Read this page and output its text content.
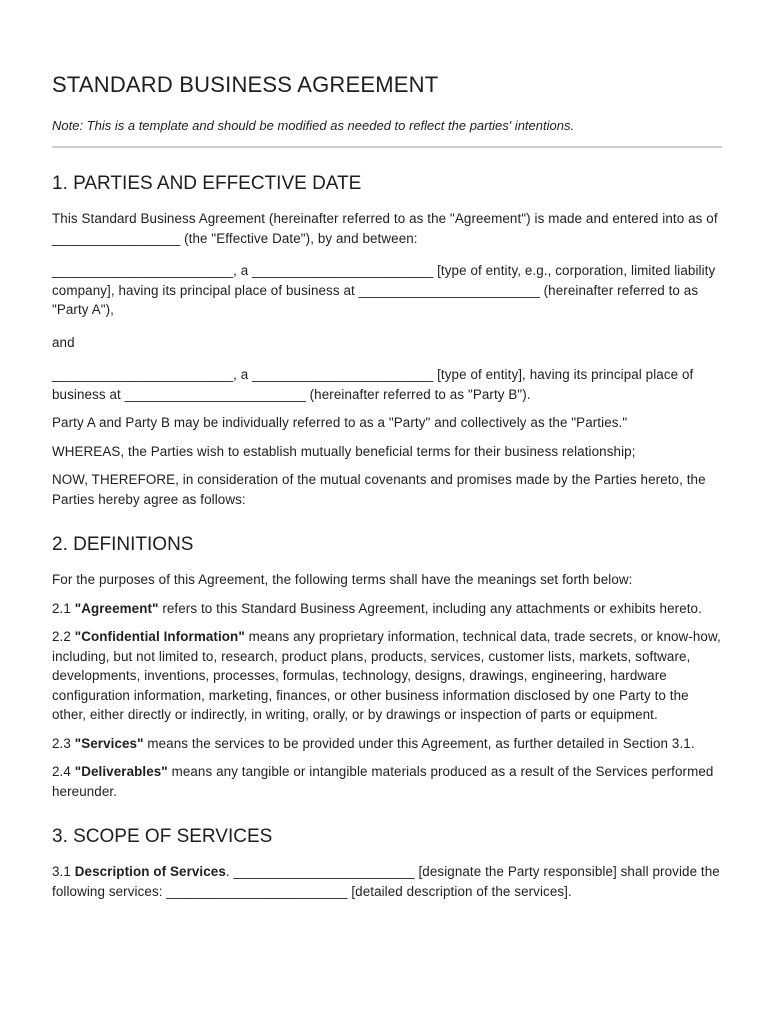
STANDARD BUSINESS AGREEMENT

Note: This is a template and should be modified as needed to reflect the parties' intentions.

1. PARTIES AND EFFECTIVE DATE

This Standard Business Agreement (hereinafter referred to as the "Agreement") is made and entered into as of _________________ (the "Effective Date"), by and between:

________________________, a ________________________ [type of entity, e.g., corporation, limited liability company], having its principal place of business at ________________________ (hereinafter referred to as "Party A"),

and

________________________, a ________________________ [type of entity], having its principal place of business at ________________________ (hereinafter referred to as "Party B").

Party A and Party B may be individually referred to as a "Party" and collectively as the "Parties."

WHEREAS, the Parties wish to establish mutually beneficial terms for their business relationship;

NOW, THEREFORE, in consideration of the mutual covenants and promises made by the Parties hereto, the Parties hereby agree as follows:

2. DEFINITIONS

For the purposes of this Agreement, the following terms shall have the meanings set forth below:

2.1 "Agreement" refers to this Standard Business Agreement, including any attachments or exhibits hereto.

2.2 "Confidential Information" means any proprietary information, technical data, trade secrets, or know-how, including, but not limited to, research, product plans, products, services, customer lists, markets, software, developments, inventions, processes, formulas, technology, designs, drawings, engineering, hardware configuration information, marketing, finances, or other business information disclosed by one Party to the other, either directly or indirectly, in writing, orally, or by drawings or inspection of parts or equipment.

2.3 "Services" means the services to be provided under this Agreement, as further detailed in Section 3.1.

2.4 "Deliverables" means any tangible or intangible materials produced as a result of the Services performed hereunder.

3. SCOPE OF SERVICES

3.1 Description of Services. ________________________ [designate the Party responsible] shall provide the following services: ________________________ [detailed description of the services].
